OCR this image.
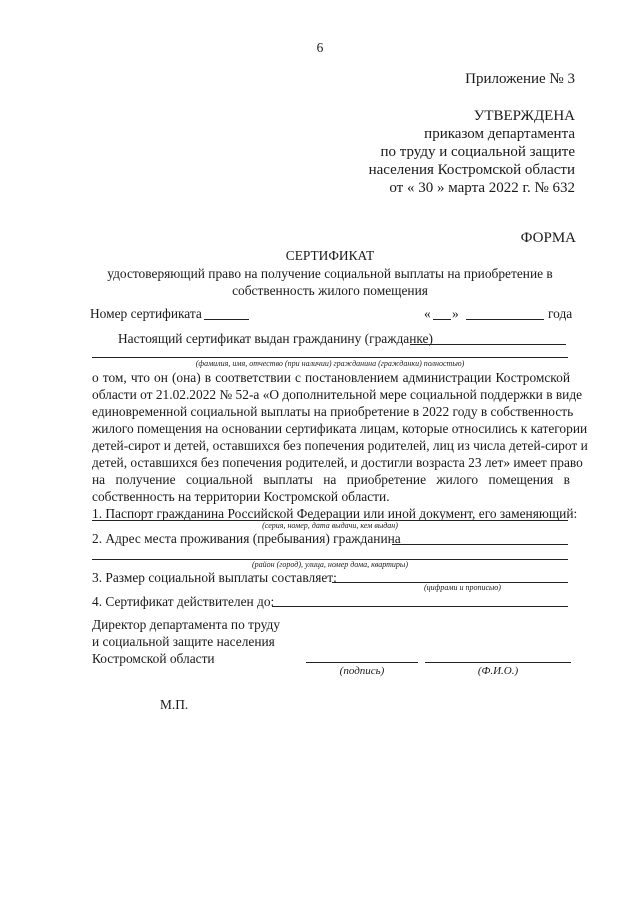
6
Приложение № 3
УТВЕРЖДЕНА
приказом департамента
по труду и социальной защите
населения Костромской области
от « 30 » марта 2022 г. № 632
ФОРМА
СЕРТИФИКАТ
удостоверяющий право на получение социальной выплаты на приобретение в
собственность жилого помещения
Номер сертификата	« »	года
Настоящий сертификат выдан гражданину (гражданке)
(фамилия, имя, отчество (при наличии) гражданина (гражданки) полностью)
о том, что он (она) в соответствии с постановлением администрации Костромской
области от 21.02.2022 № 52-а «О дополнительной мере социальной поддержки в виде
единовременной социальной выплаты на приобретение в 2022 году в собственность
жилого помещения на основании сертификата лицам, которые относились к категории
детей-сирот и детей, оставшихся без попечения родителей, лиц из числа детей-сирот и
детей, оставшихся без попечения родителей, и достигли возраста 23 лет» имеет право
на получение социальной выплаты на приобретение жилого помещения в
собственность на территории Костромской области.
1. Паспорт гражданина Российской Федерации или иной документ, его заменяющий:
(серия, номер, дата выдачи, кем выдан)
2. Адрес места проживания (пребывания) гражданина
(район (город), улица, номер дома, квартиры)
3. Размер социальной выплаты составляет:
(цифрами и прописью)
4. Сертификат действителен до:
Директор департамента по труду
и социальной защите населения
Костромской области
(подпись)	(Ф.И.О.)
М.П.
